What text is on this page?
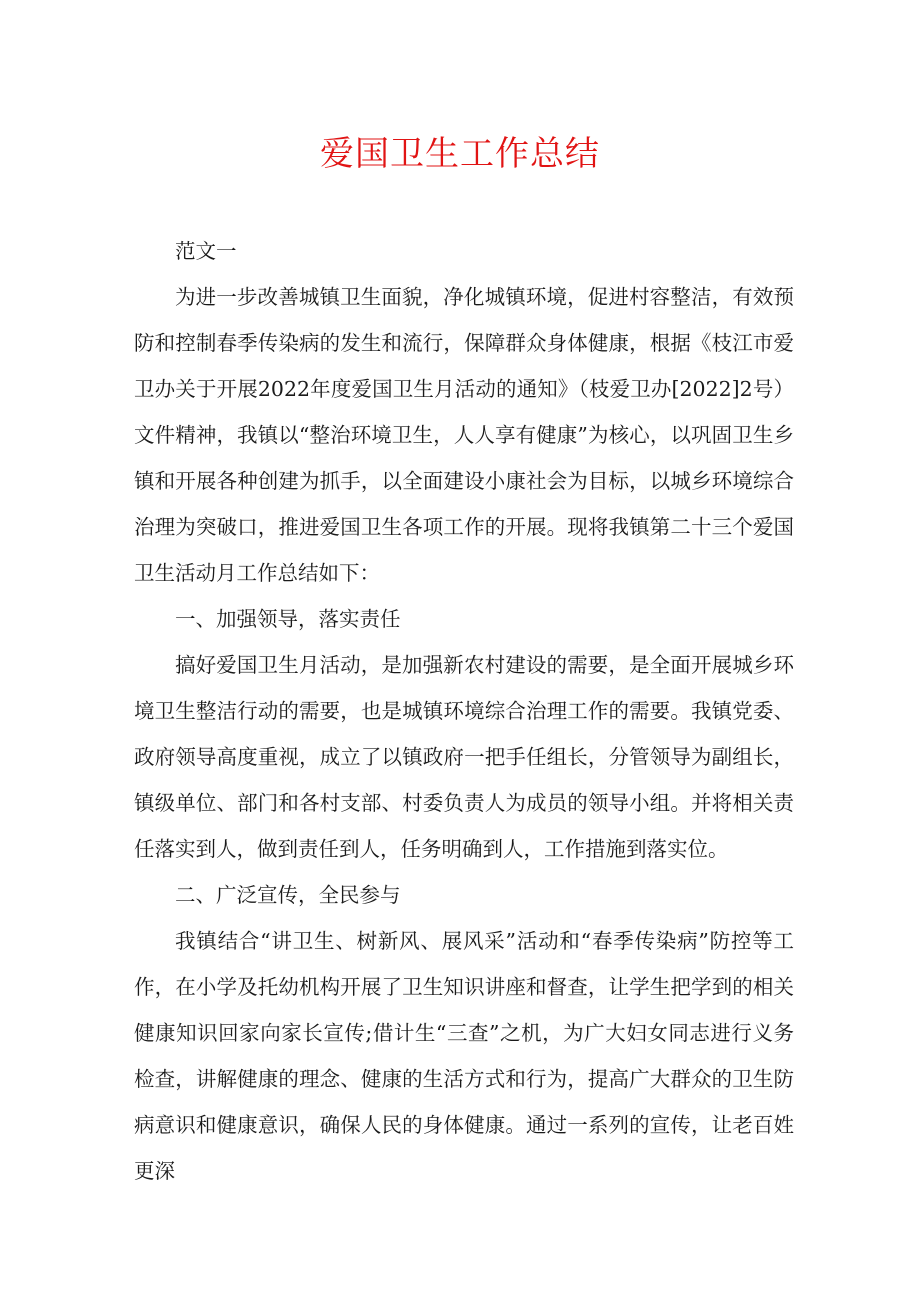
爱国卫生工作总结

范文一

为进一步改善城镇卫生面貌，净化城镇环境，促进村容整洁，有效预防和控制春季传染病的发生和流行，保障群众身体健康，根据《枝江市爱卫办关于开展2022年度爱国卫生月活动的通知》（枝爱卫办[2022]2号）文件精神，我镇以“整治环境卫生，人人享有健康”为核心，以巩固卫生乡镇和开展各种创建为抓手，以全面建设小康社会为目标，以城乡环境综合治理为突破口，推进爱国卫生各项工作的开展。现将我镇第二十三个爱国卫生活动月工作总结如下：

一、加强领导，落实责任

搞好爱国卫生月活动，是加强新农村建设的需要，是全面开展城乡环境卫生整洁行动的需要，也是城镇环境综合治理工作的需要。我镇党委、政府领导高度重视，成立了以镇政府一把手任组长，分管领导为副组长，镇级单位、部门和各村支部、村委负责人为成员的领导小组。并将相关责任落实到人，做到责任到人，任务明确到人，工作措施到落实位。

二、广泛宣传，全民参与

我镇结合“讲卫生、树新风、展风采”活动和“春季传染病”防控等工作，在小学及托幼机构开展了卫生知识讲座和督查，让学生把学到的相关健康知识回家向家长宣传;借计生“三查”之机，为广大妇女同志进行义务检查，讲解健康的理念、健康的生活方式和行为，提高广大群众的卫生防病意识和健康意识，确保人民的身体健康。通过一系列的宣传，让老百姓更深
